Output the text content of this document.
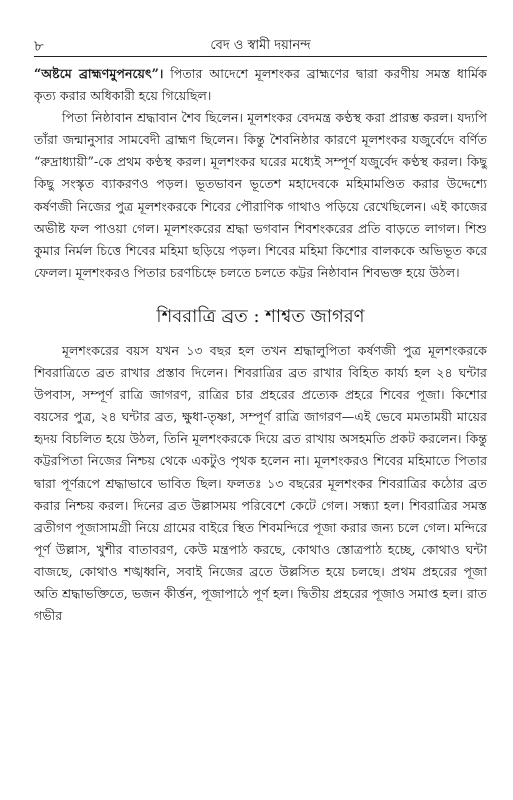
৮	বেদ ও স্বামী দয়ানন্দ

“অষ্টমে ব্রাহ্মণমুপনয়েৎ”। পিতার আদেশে মূলশংকর ব্রাহ্মণের দ্বারা করণীয় সমস্ত ধার্মিক কৃত্য করার অধিকারী হয়ে গিয়েছিল।

পিতা নিষ্ঠাবান শ্রদ্ধাবান শৈব ছিলেন। মূলশংকর বেদমন্ত্র কণ্ঠস্থ করা প্রারম্ভ করল। যদ্যপি তাঁরা জন্মানুসার সামবেদী ব্রাহ্মণ ছিলেন। কিন্তু শৈবনিষ্ঠার কারণে মূলশংকর যজুর্বেদে বর্ণিত “রুদ্রাধ্যায়ী”-কে প্রথম কণ্ঠস্থ করল। মূলশংকর ঘরের মধ্যেই সম্পূর্ণ যজুর্বেদ কণ্ঠস্থ করল। কিছু কিছু সংস্কৃত ব্যাকরণও পড়ল। ভূতভাবন ভূতেশ মহাদেবকে মহিমামণ্ডিত করার উদ্দেশ্যে কর্ষণজী নিজের পুত্র মূলশংকরকে শিবের পৌরাণিক গাথাও পড়িয়ে রেখেছিলেন। এই কাজের অভীষ্ট ফল পাওয়া গেল। মূলশংকরের শ্রদ্ধা ভগবান শিবশংকরের প্রতি বাড়তে লাগল। শিশু কুমার নির্মল চিত্তে শিবের মহিমা ছড়িয়ে পড়ল। শিবের মহিমা কিশোর বালককে অভিভূত করে ফেলল। মূলশংকরও পিতার চরণচিহ্নে চলতে চলতে কট্টর নিষ্ঠাবান শিবভক্ত হয়ে উঠল।

শিবরাত্রি ব্রত : শাশ্বত জাগরণ

মূলশংকরের বয়স যখন ১৩ বছর হল তখন শ্রদ্ধালুপিতা কর্ষণজী পুত্র মূলশংকরকে শিবরাত্রিতে ব্রত রাখার প্রস্তাব দিলেন। শিবরাত্রির ব্রত রাখার বিহিত কার্য্য হল ২৪ ঘন্টার উপবাস, সম্পূর্ণ রাত্রি জাগরণ, রাত্রির চার প্রহরের প্রত্যেক প্রহরে শিবের পূজা। কিশোর বয়সের পুত্র, ২৪ ঘন্টার ব্রত, ক্ষুধা-তৃষ্ণা, সম্পূর্ণ রাত্রি জাগরণ—এই ভেবে মমতাময়ী মায়ের হৃদয় বিচলিত হয়ে উঠল, তিনি মূলশংকরকে দিয়ে ব্রত রাখায় অসহমতি প্রকট করলেন। কিন্তু কট্টরপিতা নিজের নিশ্চয় থেকে একটুও পৃথক হলেন না। মূলশংকরও শিবের মহিমাতে পিতার দ্বারা পূর্ণরূপে শ্রদ্ধাভাবে ভাবিত ছিল। ফলতঃ ১৩ বছরের মূলশংকর শিবরাত্রির কঠোর ব্রত করার নিশ্চয় করল। দিনের ব্রত উল্লাসময় পরিবেশে কেটে গেল। সন্ধ্যা হল। শিবরাত্রির সমস্ত ব্রতীগণ পূজাসামগ্রী নিয়ে গ্রামের বাইরে স্থিত শিবমন্দিরে পূজা করার জন্য চলে গেল। মন্দিরে পূর্ণ উল্লাস, খুশীর বাতাবরণ, কেউ মন্ত্রপাঠ করছে, কোথাও স্তোত্রপাঠ হচ্ছে, কোথাও ঘন্টা বাজছে, কোথাও শঙ্খধ্বনি, সবাই নিজের ব্রতে উল্লসিত হয়ে চলছে। প্রথম প্রহরের পূজা অতি শ্রদ্ধাভক্তিতে, ভজন কীর্ত্তন, পূজাপাঠে পূর্ণ হল। দ্বিতীয় প্রহরের পূজাও সমাপ্ত হল। রাত গভীর
